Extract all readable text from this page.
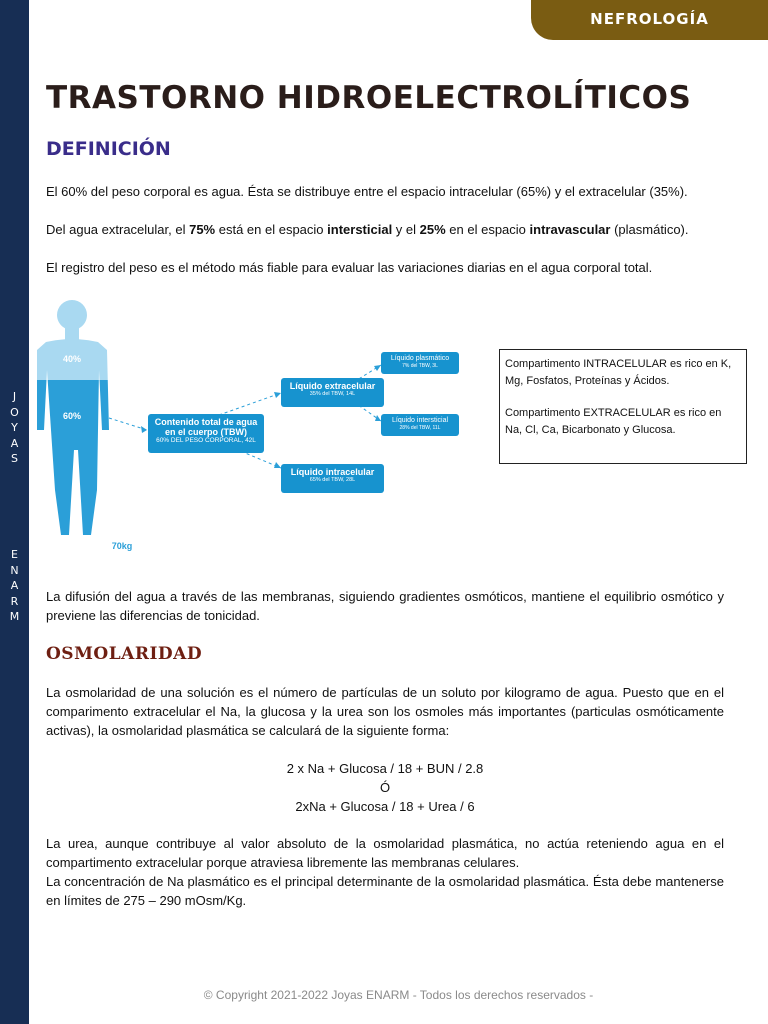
J
O
Y
A
S
E
N
A
R
M
NEFROLOGÍA
TRASTORNO HIDROELECTROLÍTICOS
DEFINICIÓN

El 60% del peso corporal es agua. Ésta se distribuye entre el espacio intracelular (65%) y el extracelular (35%).

Del agua extracelular, el 75% está en el espacio intersticial y el 25% en el espacio intravascular (plasmático).

El registro del peso es el método más fiable para evaluar las variaciones diarias en el agua corporal total.

40%
60%
70kg
Contenido total de agua
en el cuerpo (TBW)
60% DEL PESO CORPORAL, 42L
Líquido extracelular
35% del TBW, 14L
Líquido intracelular
65% del TBW, 28L
Líquido plasmático
7% del TBW, 3L
Líquido intersticial
28% del TBW, 11L

Compartimento INTRACELULAR es rico en K, Mg, Fosfatos, Proteínas y Ácidos.

Compartimento EXTRACELULAR es rico en Na, Cl, Ca, Bicarbonato y Glucosa.

La difusión del agua a través de las membranas, siguiendo gradientes osmóticos, mantiene el equilibrio osmótico y previene las diferencias de tonicidad.

OSMOLARIDAD

La osmolaridad de una solución es el número de partículas de un soluto por kilogramo de agua. Puesto que en el comparimento extracelular el Na, la glucosa y la urea son los osmoles más importantes (particulas osmóticamente activas), la osmolaridad plasmática se calculará de la siguiente forma:

2 x Na + Glucosa / 18 + BUN / 2.8
Ó
2xNa + Glucosa / 18 + Urea / 6

La urea, aunque contribuye al valor absoluto de la osmolaridad plasmática, no actúa reteniendo agua en el compartimento extracelular porque atraviesa libremente las membranas celulares.

La concentración de Na plasmático es el principal determinante de la osmolaridad plasmática. Ésta debe mantenerse en límites de 275 – 290 mOsm/Kg.

© Copyright 2021-2022 Joyas ENARM - Todos los derechos reservados -
